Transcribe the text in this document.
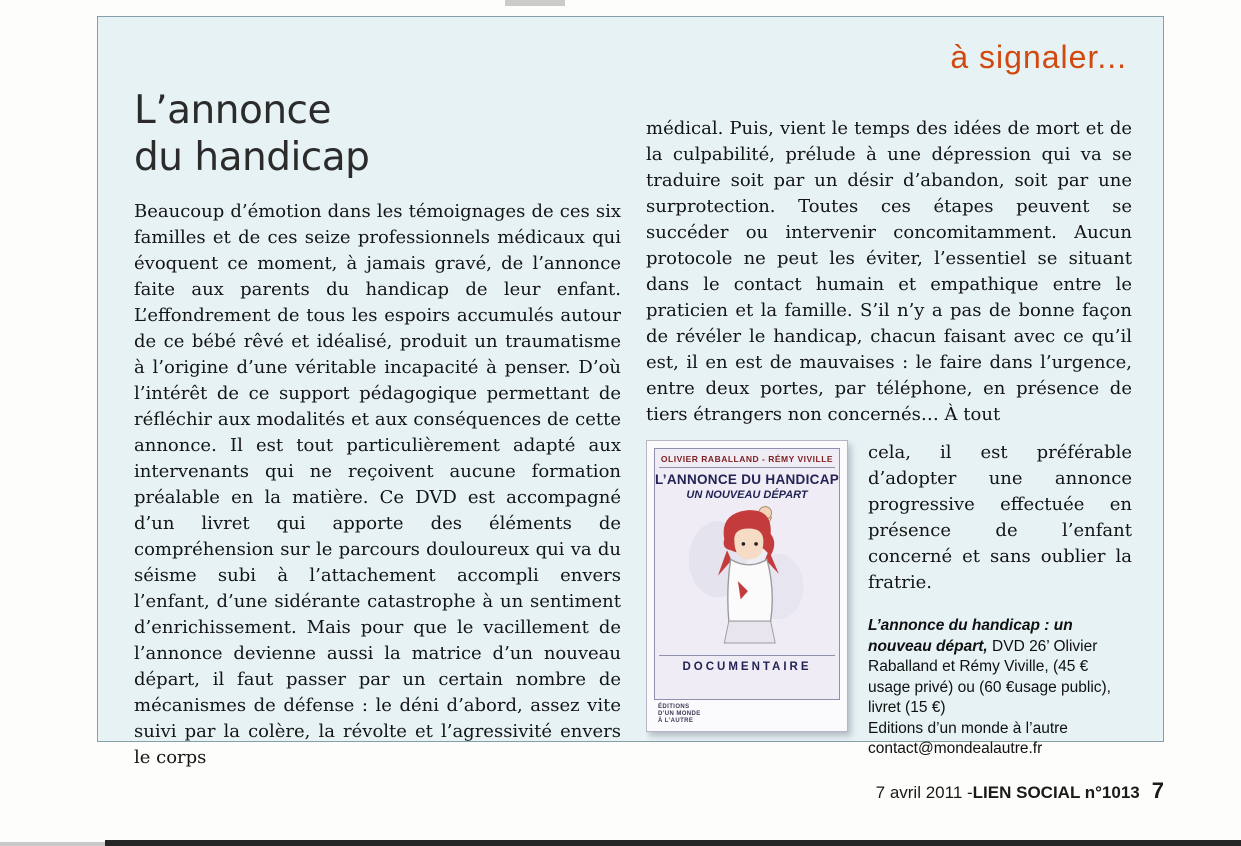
à signaler...
L’annonce
du handicap

Beaucoup d’émotion dans les témoignages de ces six familles et de ces seize professionnels médicaux qui évoquent ce moment, à jamais gravé, de l’annonce faite aux parents du handicap de leur enfant. L’effondrement de tous les espoirs accumulés autour de ce bébé rêvé et idéalisé, produit un traumatisme à l’origine d’une véritable incapacité à penser. D’où l’intérêt de ce support pédagogique permettant de réfléchir aux modalités et aux conséquences de cette annonce. Il est tout particulièrement adapté aux intervenants qui ne reçoivent aucune formation préalable en la matière. Ce DVD est accompagné d’un livret qui apporte des éléments de compréhension sur le parcours douloureux qui va du séisme subi à l’attachement accompli envers l’enfant, d’une sidérante catastrophe à un sentiment d’enrichissement. Mais pour que le vacillement de l’annonce devienne aussi la matrice d’un nouveau départ, il faut passer par un certain nombre de mécanismes de défense : le déni d’abord, assez vite suivi par la colère, la révolte et l’agressivité envers le corps

médical. Puis, vient le temps des idées de mort et de la culpabilité, prélude à une dépression qui va se traduire soit par un désir d’abandon, soit par une surprotection. Toutes ces étapes peuvent se succéder ou intervenir concomitamment. Aucun protocole ne peut les éviter, l’essentiel se situant dans le contact humain et empathique entre le praticien et la famille. S’il n’y a pas de bonne façon de révéler le handicap, chacun faisant avec ce qu’il est, il en est de mauvaises : le faire dans l’urgence, entre deux portes, par téléphone, en présence de tiers étrangers non concernés… À tout

OLIVIER RABALLAND - RÉMY VIVILLE
L’ANNONCE DU HANDICAP
UN NOUVEAU DÉPART
DOCUMENTAIRE
ÉDITIONS
D’UN MONDE
À L’AUTRE

cela, il est préférable d’adopter une annonce progressive effectuée en présence de l’enfant concerné et sans oublier la fratrie.

L’annonce du handicap : un nouveau départ, DVD 26’ Olivier Raballand et Rémy Viville, (45 € usage privé) ou (60 €usage public), livret (15 €)

Editions d’un monde à l’autre

contact@mondealautre.fr

7 avril 2011 - LIEN SOCIAL n°1013 7
